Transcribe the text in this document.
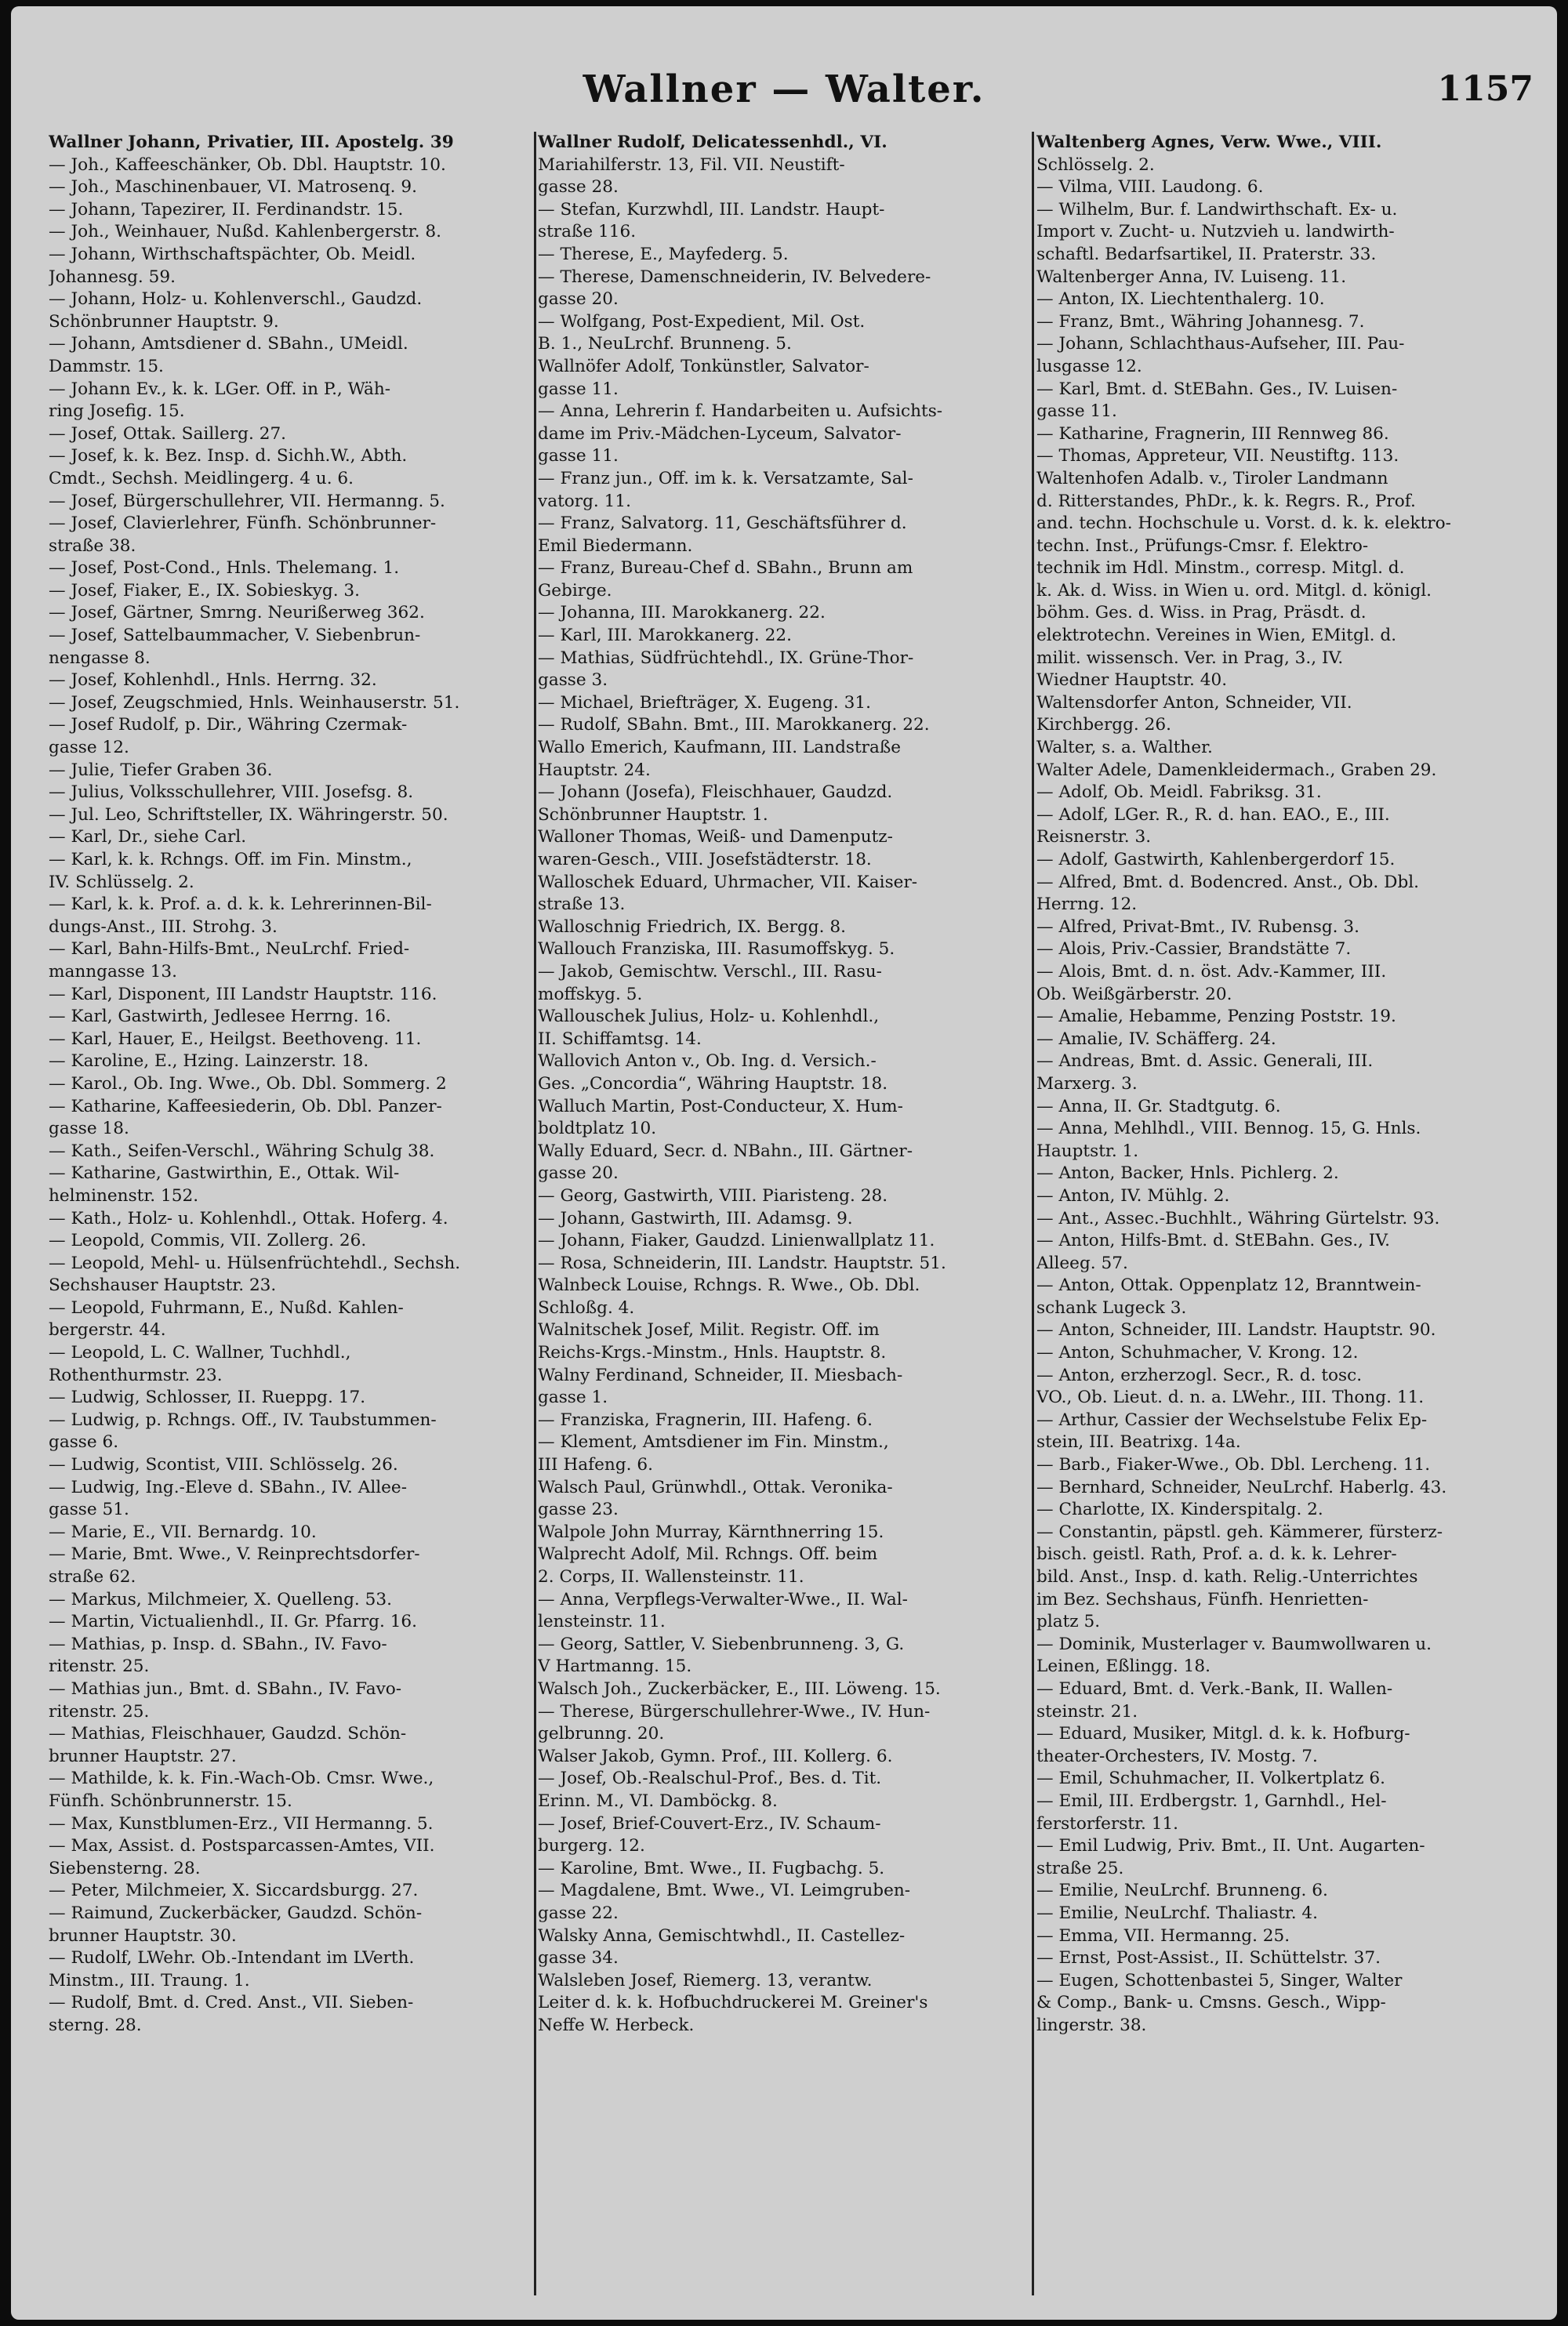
Wallner — Walter.	1157
Wallner Johann, Privatier, III. Apostelg. 39
— Joh., Kaffeeschänker, Ob. Dbl. Hauptstr. 10.
— Joh., Maschinenbauer, VI. Matrosenq. 9.
— Johann, Tapezirer, II. Ferdinandstr. 15.
— Joh., Weinhauer, Nußd. Kahlenbergerstr. 8.
— Johann, Wirthschaftspächter, Ob. Meidl.
Johannesg. 59.
— Johann, Holz- u. Kohlenverschl., Gaudzd.
Schönbrunner Hauptstr. 9.
— Johann, Amtsdiener d. SBahn., UMeidl.
Dammstr. 15.
— Johann Ev., k. k. LGer. Off. in P., Wäh-
ring Josefig. 15.
— Josef, Ottak. Saillerg. 27.
— Josef, k. k. Bez. Insp. d. Sichh.W., Abth.
Cmdt., Sechsh. Meidlingerg. 4 u. 6.
— Josef, Bürgerschullehrer, VII. Hermanng. 5.
— Josef, Clavierlehrer, Fünfh. Schönbrunner-
straße 38.
— Josef, Post-Cond., Hnls. Thelemang. 1.
— Josef, Fiaker, E., IX. Sobieskyg. 3.
— Josef, Gärtner, Smrng. Neurißerweg 362.
— Josef, Sattelbaummacher, V. Siebenbrun-
nengasse 8.
— Josef, Kohlenhdl., Hnls. Herrng. 32.
— Josef, Zeugschmied, Hnls. Weinhauserstr. 51.
— Josef Rudolf, p. Dir., Währing Czermak-
gasse 12.
— Julie, Tiefer Graben 36.
— Julius, Volksschullehrer, VIII. Josefsg. 8.
— Jul. Leo, Schriftsteller, IX. Währingerstr. 50.
— Karl, Dr., siehe Carl.
— Karl, k. k. Rchngs. Off. im Fin. Minstm.,
IV. Schlüsselg. 2.
— Karl, k. k. Prof. a. d. k. k. Lehrerinnen-Bil-
dungs-Anst., III. Strohg. 3.
— Karl, Bahn-Hilfs-Bmt., NeuLrchf. Fried-
manngasse 13.
— Karl, Disponent, III Landstr Hauptstr. 116.
— Karl, Gastwirth, Jedlesee Herrng. 16.
— Karl, Hauer, E., Heilgst. Beethoveng. 11.
— Karoline, E., Hzing. Lainzerstr. 18.
— Karol., Ob. Ing. Wwe., Ob. Dbl. Sommerg. 2
— Katharine, Kaffeesiederin, Ob. Dbl. Panzer-
gasse 18.
— Kath., Seifen-Verschl., Währing Schulg 38.
— Katharine, Gastwirthin, E., Ottak. Wil-
helminenstr. 152.
— Kath., Holz- u. Kohlenhdl., Ottak. Hoferg. 4.
— Leopold, Commis, VII. Zollerg. 26.
— Leopold, Mehl- u. Hülsenfrüchtehdl., Sechsh.
Sechshauser Hauptstr. 23.
— Leopold, Fuhrmann, E., Nußd. Kahlen-
bergerstr. 44.
— Leopold, L. C. Wallner, Tuchhdl.,
Rothenthurmstr. 23.
— Ludwig, Schlosser, II. Rueppg. 17.
— Ludwig, p. Rchngs. Off., IV. Taubstummen-
gasse 6.
— Ludwig, Scontist, VIII. Schlösselg. 26.
— Ludwig, Ing.-Eleve d. SBahn., IV. Allee-
gasse 51.
— Marie, E., VII. Bernardg. 10.
— Marie, Bmt. Wwe., V. Reinprechtsdorfer-
straße 62.
— Markus, Milchmeier, X. Quelleng. 53.
— Martin, Victualienhdl., II. Gr. Pfarrg. 16.
— Mathias, p. Insp. d. SBahn., IV. Favo-
ritenstr. 25.
— Mathias jun., Bmt. d. SBahn., IV. Favo-
ritenstr. 25.
— Mathias, Fleischhauer, Gaudzd. Schön-
brunner Hauptstr. 27.
— Mathilde, k. k. Fin.-Wach-Ob. Cmsr. Wwe.,
Fünfh. Schönbrunnerstr. 15.
— Max, Kunstblumen-Erz., VII Hermanng. 5.
— Max, Assist. d. Postsparcassen-Amtes, VII.
Siebensterng. 28.
— Peter, Milchmeier, X. Siccardsburgg. 27.
— Raimund, Zuckerbäcker, Gaudzd. Schön-
brunner Hauptstr. 30.
— Rudolf, LWehr. Ob.-Intendant im LVerth.
Minstm., III. Traung. 1.
— Rudolf, Bmt. d. Cred. Anst., VII. Sieben-
sterng. 28.
Wallner Rudolf, Delicatessenhdl., VI.
Mariahilferstr. 13, Fil. VII. Neustift-
gasse 28.
— Stefan, Kurzwhdl, III. Landstr. Haupt-
straße 116.
— Therese, E., Mayfederg. 5.
— Therese, Damenschneiderin, IV. Belvedere-
gasse 20.
— Wolfgang, Post-Expedient, Mil. Ost.
B. 1., NeuLrchf. Brunneng. 5.
Wallnöfer Adolf, Tonkünstler, Salvator-
gasse 11.
— Anna, Lehrerin f. Handarbeiten u. Aufsichts-
dame im Priv.-Mädchen-Lyceum, Salvator-
gasse 11.
— Franz jun., Off. im k. k. Versatzamte, Sal-
vatorg. 11.
— Franz, Salvatorg. 11, Geschäftsführer d.
Emil Biedermann.
— Franz, Bureau-Chef d. SBahn., Brunn am
Gebirge.
— Johanna, III. Marokkanerg. 22.
— Karl, III. Marokkanerg. 22.
— Mathias, Südfrüchtehdl., IX. Grüne-Thor-
gasse 3.
— Michael, Briefträger, X. Eugeng. 31.
— Rudolf, SBahn. Bmt., III. Marokkanerg. 22.
Wallo Emerich, Kaufmann, III. Landstraße
Hauptstr. 24.
— Johann (Josefa), Fleischhauer, Gaudzd.
Schönbrunner Hauptstr. 1.
Walloner Thomas, Weiß- und Damenputz-
waren-Gesch., VIII. Josefstädterstr. 18.
Walloschek Eduard, Uhrmacher, VII. Kaiser-
straße 13.
Walloschnig Friedrich, IX. Bergg. 8.
Wallouch Franziska, III. Rasumoffskyg. 5.
— Jakob, Gemischtw. Verschl., III. Rasu-
moffskyg. 5.
Wallouschek Julius, Holz- u. Kohlenhdl.,
II. Schiffamtsg. 14.
Wallovich Anton v., Ob. Ing. d. Versich.-
Ges. „Concordia“, Währing Hauptstr. 18.
Walluch Martin, Post-Conducteur, X. Hum-
boldtplatz 10.
Wally Eduard, Secr. d. NBahn., III. Gärtner-
gasse 20.
— Georg, Gastwirth, VIII. Piaristeng. 28.
— Johann, Gastwirth, III. Adamsg. 9.
— Johann, Fiaker, Gaudzd. Linienwallplatz 11.
— Rosa, Schneiderin, III. Landstr. Hauptstr. 51.
Walnbeck Louise, Rchngs. R. Wwe., Ob. Dbl.
Schloßg. 4.
Walnitschek Josef, Milit. Registr. Off. im
Reichs-Krgs.-Minstm., Hnls. Hauptstr. 8.
Walny Ferdinand, Schneider, II. Miesbach-
gasse 1.
— Franziska, Fragnerin, III. Hafeng. 6.
— Klement, Amtsdiener im Fin. Minstm.,
III Hafeng. 6.
Walsch Paul, Grünwhdl., Ottak. Veronika-
gasse 23.
Walpole John Murray, Kärnthnerring 15.
Walprecht Adolf, Mil. Rchngs. Off. beim
2. Corps, II. Wallensteinstr. 11.
— Anna, Verpflegs-Verwalter-Wwe., II. Wal-
lensteinstr. 11.
— Georg, Sattler, V. Siebenbrunneng. 3, G.
V Hartmanng. 15.
Walsch Joh., Zuckerbäcker, E., III. Löweng. 15.
— Therese, Bürgerschullehrer-Wwe., IV. Hun-
gelbrunng. 20.
Walser Jakob, Gymn. Prof., III. Kollerg. 6.
— Josef, Ob.-Realschul-Prof., Bes. d. Tit.
Erinn. M., VI. Damböckg. 8.
— Josef, Brief-Couvert-Erz., IV. Schaum-
burgerg. 12.
— Karoline, Bmt. Wwe., II. Fugbachg. 5.
— Magdalene, Bmt. Wwe., VI. Leimgruben-
gasse 22.
Walsky Anna, Gemischtwhdl., II. Castellez-
gasse 34.
Walsleben Josef, Riemerg. 13, verantw.
Leiter d. k. k. Hofbuchdruckerei M. Greiner's
Neffe W. Herbeck.
Waltenberg Agnes, Verw. Wwe., VIII.
Schlösselg. 2.
— Vilma, VIII. Laudong. 6.
— Wilhelm, Bur. f. Landwirthschaft. Ex- u.
Import v. Zucht- u. Nutzvieh u. landwirth-
schaftl. Bedarfsartikel, II. Praterstr. 33.
Waltenberger Anna, IV. Luiseng. 11.
— Anton, IX. Liechtenthalerg. 10.
— Franz, Bmt., Währing Johannesg. 7.
— Johann, Schlachthaus-Aufseher, III. Pau-
lusgasse 12.
— Karl, Bmt. d. StEBahn. Ges., IV. Luisen-
gasse 11.
— Katharine, Fragnerin, III Rennweg 86.
— Thomas, Appreteur, VII. Neustiftg. 113.
Waltenhofen Adalb. v., Tiroler Landmann
d. Ritterstandes, PhDr., k. k. Regrs. R., Prof.
and. techn. Hochschule u. Vorst. d. k. k. elektro-
techn. Inst., Prüfungs-Cmsr. f. Elektro-
technik im Hdl. Minstm., corresp. Mitgl. d.
k. Ak. d. Wiss. in Wien u. ord. Mitgl. d. königl.
böhm. Ges. d. Wiss. in Prag, Präsdt. d.
elektrotechn. Vereines in Wien, EMitgl. d.
milit. wissensch. Ver. in Prag, 3., IV.
Wiedner Hauptstr. 40.
Waltensdorfer Anton, Schneider, VII.
Kirchbergg. 26.
Walter, s. a. Walther.
Walter Adele, Damenkleidermach., Graben 29.
— Adolf, Ob. Meidl. Fabriksg. 31.
— Adolf, LGer. R., R. d. han. EAO., E., III.
Reisnerstr. 3.
— Adolf, Gastwirth, Kahlenbergerdorf 15.
— Alfred, Bmt. d. Bodencred. Anst., Ob. Dbl.
Herrng. 12.
— Alfred, Privat-Bmt., IV. Rubensg. 3.
— Alois, Priv.-Cassier, Brandstätte 7.
— Alois, Bmt. d. n. öst. Adv.-Kammer, III.
Ob. Weißgärberstr. 20.
— Amalie, Hebamme, Penzing Poststr. 19.
— Amalie, IV. Schäfferg. 24.
— Andreas, Bmt. d. Assic. Generali, III.
Marxerg. 3.
— Anna, II. Gr. Stadtgutg. 6.
— Anna, Mehlhdl., VIII. Bennog. 15, G. Hnls.
Hauptstr. 1.
— Anton, Backer, Hnls. Pichlerg. 2.
— Anton, IV. Mühlg. 2.
— Ant., Assec.-Buchhlt., Währing Gürtelstr. 93.
— Anton, Hilfs-Bmt. d. StEBahn. Ges., IV.
Alleeg. 57.
— Anton, Ottak. Oppenplatz 12, Branntwein-
schank Lugeck 3.
— Anton, Schneider, III. Landstr. Hauptstr. 90.
— Anton, Schuhmacher, V. Krong. 12.
— Anton, erzherzogl. Secr., R. d. tosc.
VO., Ob. Lieut. d. n. a. LWehr., III. Thong. 11.
— Arthur, Cassier der Wechselstube Felix Ep-
stein, III. Beatrixg. 14a.
— Barb., Fiaker-Wwe., Ob. Dbl. Lercheng. 11.
— Bernhard, Schneider, NeuLrchf. Haberlg. 43.
— Charlotte, IX. Kinderspitalg. 2.
— Constantin, päpstl. geh. Kämmerer, fürsterz-
bisch. geistl. Rath, Prof. a. d. k. k. Lehrer-
bild. Anst., Insp. d. kath. Relig.-Unterrichtes
im Bez. Sechshaus, Fünfh. Henrietten-
platz 5.
— Dominik, Musterlager v. Baumwollwaren u.
Leinen, Eßlingg. 18.
— Eduard, Bmt. d. Verk.-Bank, II. Wallen-
steinstr. 21.
— Eduard, Musiker, Mitgl. d. k. k. Hofburg-
theater-Orchesters, IV. Mostg. 7.
— Emil, Schuhmacher, II. Volkertplatz 6.
— Emil, III. Erdbergstr. 1, Garnhdl., Hel-
ferstorferstr. 11.
— Emil Ludwig, Priv. Bmt., II. Unt. Augarten-
straße 25.
— Emilie, NeuLrchf. Brunneng. 6.
— Emilie, NeuLrchf. Thaliastr. 4.
— Emma, VII. Hermanng. 25.
— Ernst, Post-Assist., II. Schüttelstr. 37.
— Eugen, Schottenbastei 5, Singer, Walter
& Comp., Bank- u. Cmsns. Gesch., Wipp-
lingerstr. 38.
